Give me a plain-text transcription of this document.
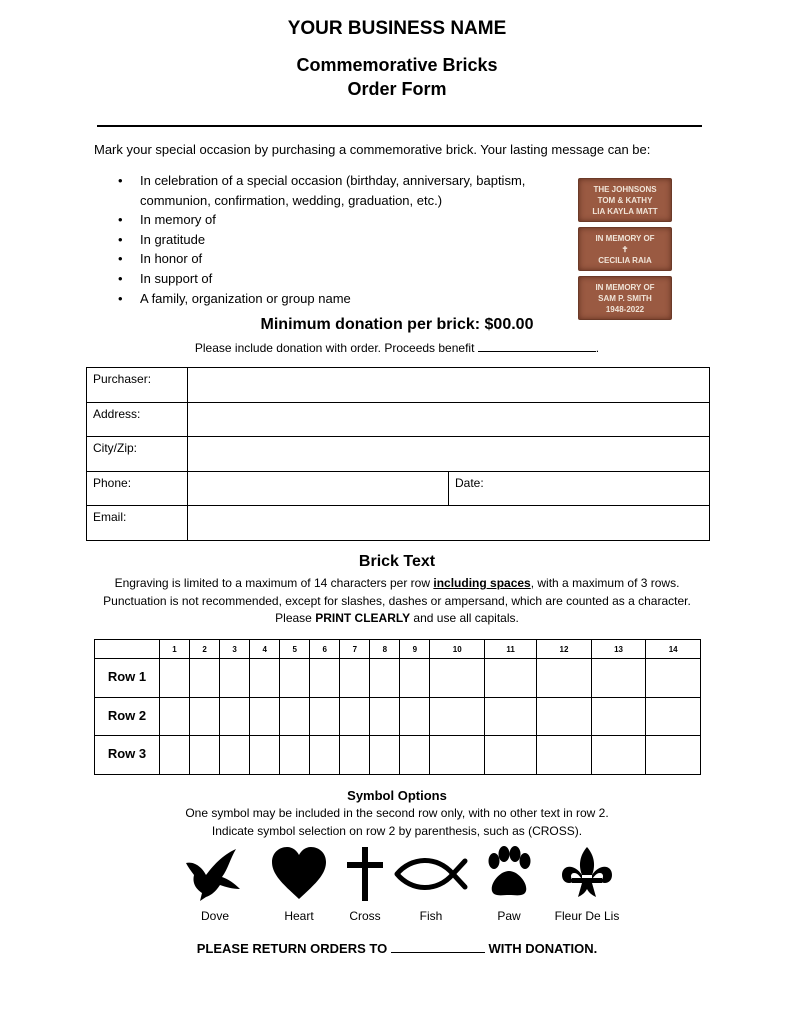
YOUR BUSINESS NAME
Commemorative Bricks
Order Form
Mark your special occasion by purchasing a commemorative brick. Your lasting message can be:
• In celebration of a special occasion (birthday, anniversary, baptism, communion, confirmation, wedding, graduation, etc.)
• In memory of
• In gratitude
• In honor of
• In support of
• A family, organization or group name
THE JOHNSONS
TOM & KATHY
LIA KAYLA MATT
IN MEMORY OF
✝
CECILIA RAIA
IN MEMORY OF
SAM P. SMITH
1948-2022
Minimum donation per brick: $00.00
Please include donation with order. Proceeds benefit	.
Purchaser:		
Address:		
City/Zip:		
Phone:		Date:
Email:		
Brick Text
Engraving is limited to a maximum of 14 characters per row including spaces, with a maximum of 3 rows.
Punctuation is not recommended, except for slashes, dashes or ampersand, which are counted as a character.
Please PRINT CLEARLY and use all capitals.
	1	2	3	4	5	6	7	8	9	10	11	12	13	14
Row 1														
Row 2														
Row 3														
Symbol Options
One symbol may be included in the second row only, with no other text in row 2.
Indicate symbol selection on row 2 by parenthesis, such as (CROSS).
Dove	Heart	Cross	Fish	Paw	Fleur De Lis
PLEASE RETURN ORDERS TO	WITH DONATION.
